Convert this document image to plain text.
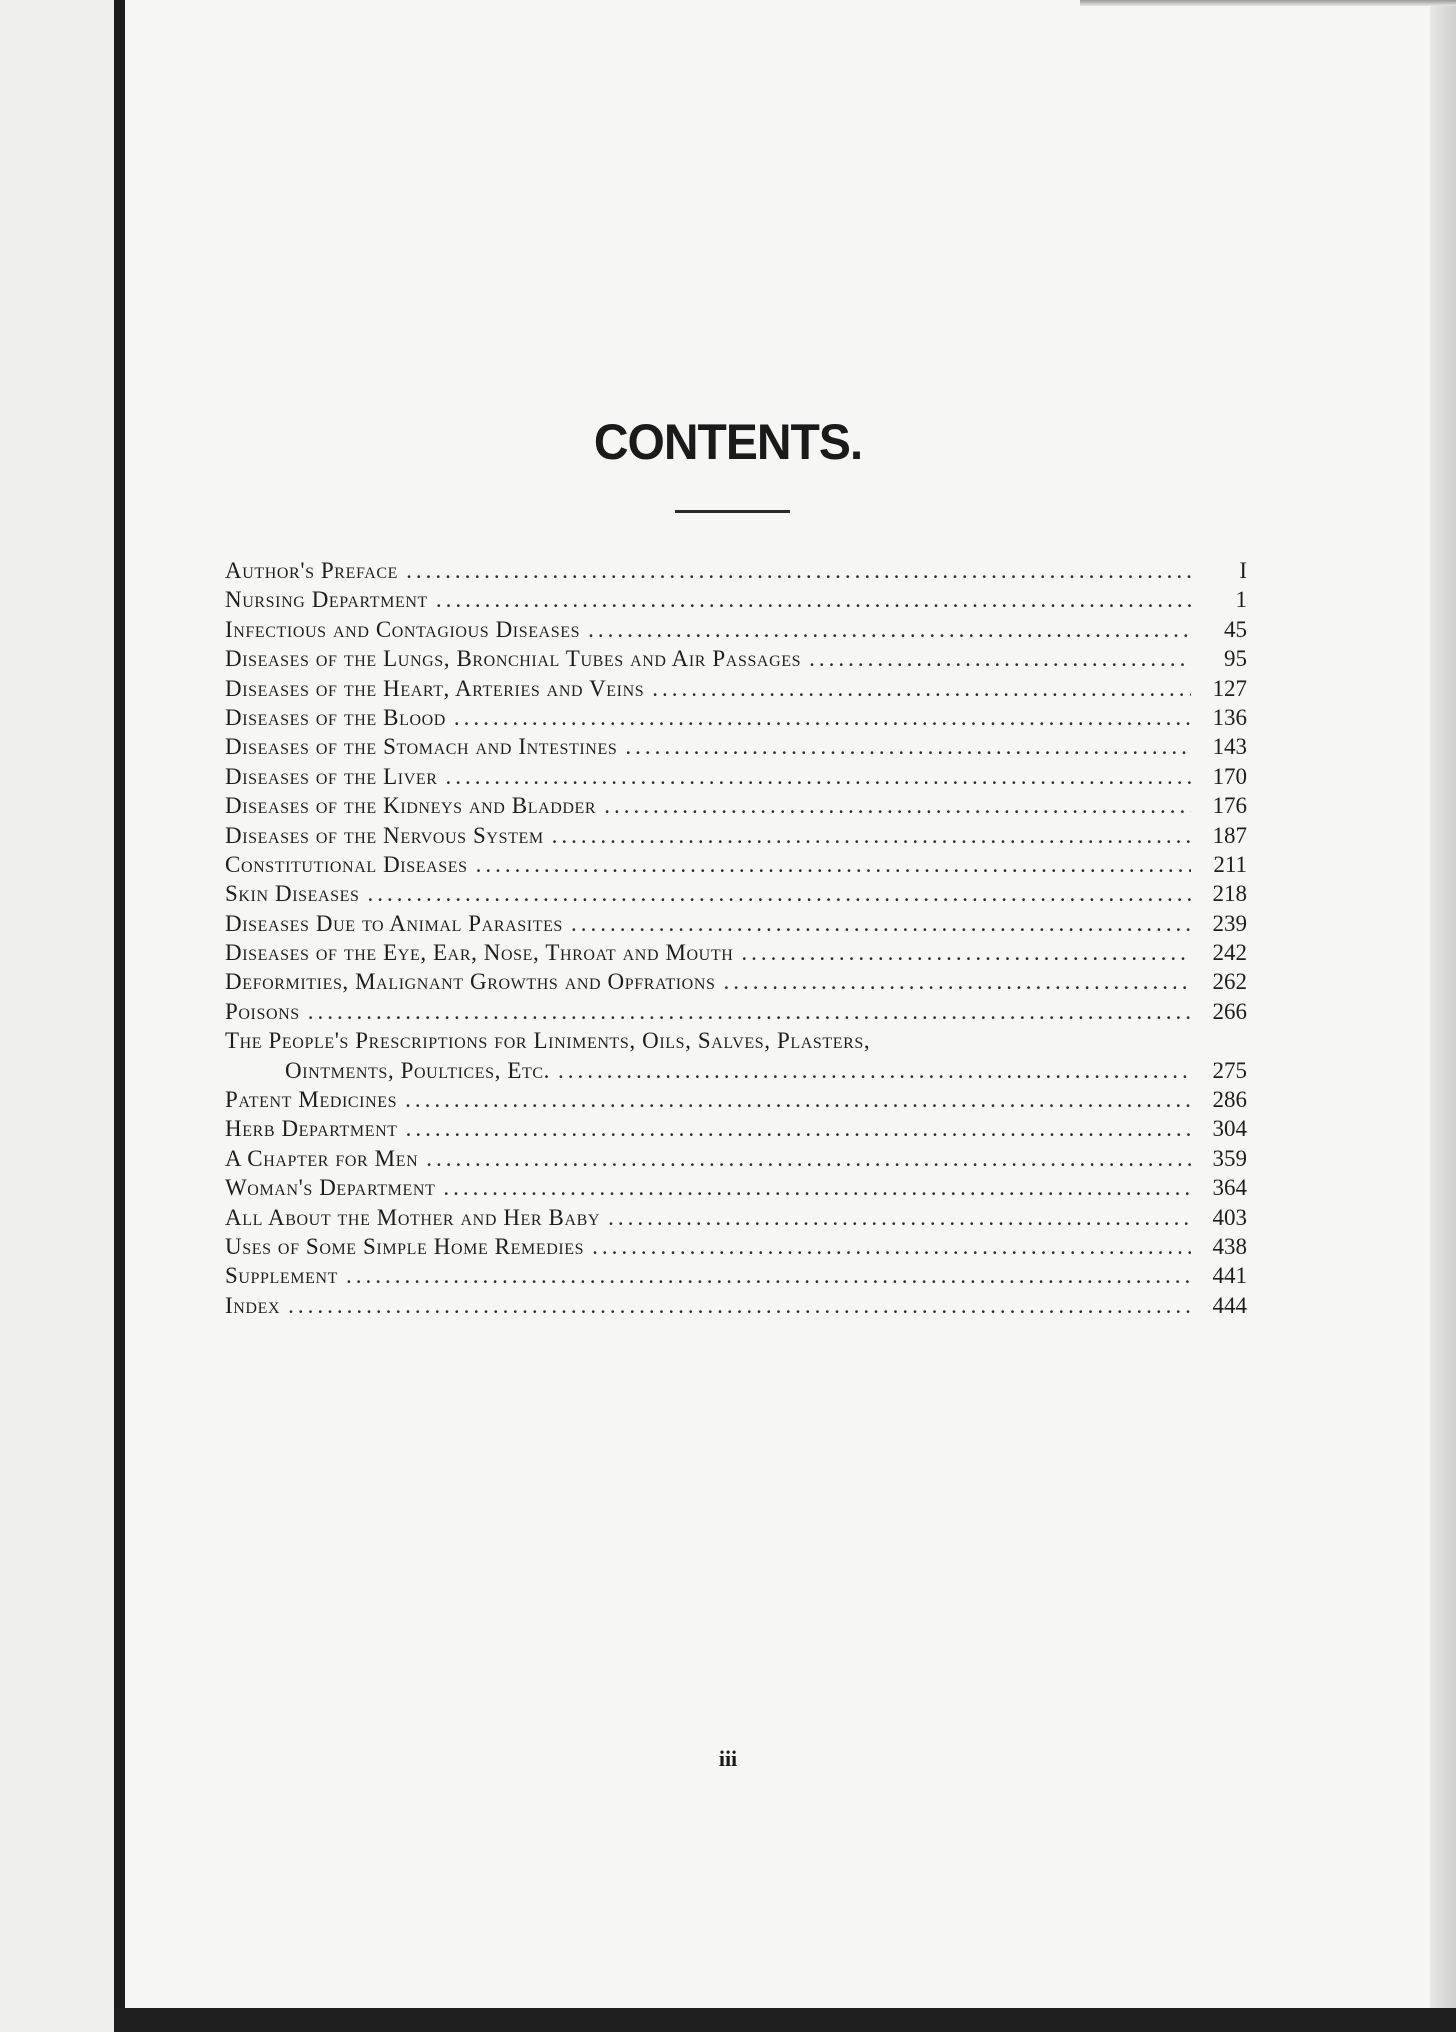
CONTENTS.
Author's Preface .....	I
Nursing Department .....	1
Infectious and Contagious Diseases .....	45
Diseases of the Lungs, Bronchial Tubes and Air Passages .....	95
Diseases of the Heart, Arteries and Veins .....	127
Diseases of the Blood .....	136
Diseases of the Stomach and Intestines .....	143
Diseases of the Liver .....	170
Diseases of the Kidneys and Bladder .....	176
Diseases of the Nervous System .....	187
Constitutional Diseases .....	211
Skin Diseases .....	218
Diseases Due to Animal Parasites .....	239
Diseases of the Eye, Ear, Nose, Throat and Mouth .....	242
Deformities, Malignant Growths and Opfrations .....	262
Poisons .....	266
The People's Prescriptions for Liniments, Oils, Salves, Plasters,
Ointments, Poultices, Etc. .....	275
Patent Medicines .....	286
Herb Department .....	304
A Chapter for Men .....	359
Woman's Department .....	364
All About the Mother and Her Baby .....	403
Uses of Some Simple Home Remedies .....	438
Supplement .....	441
Index .....	444
iii
